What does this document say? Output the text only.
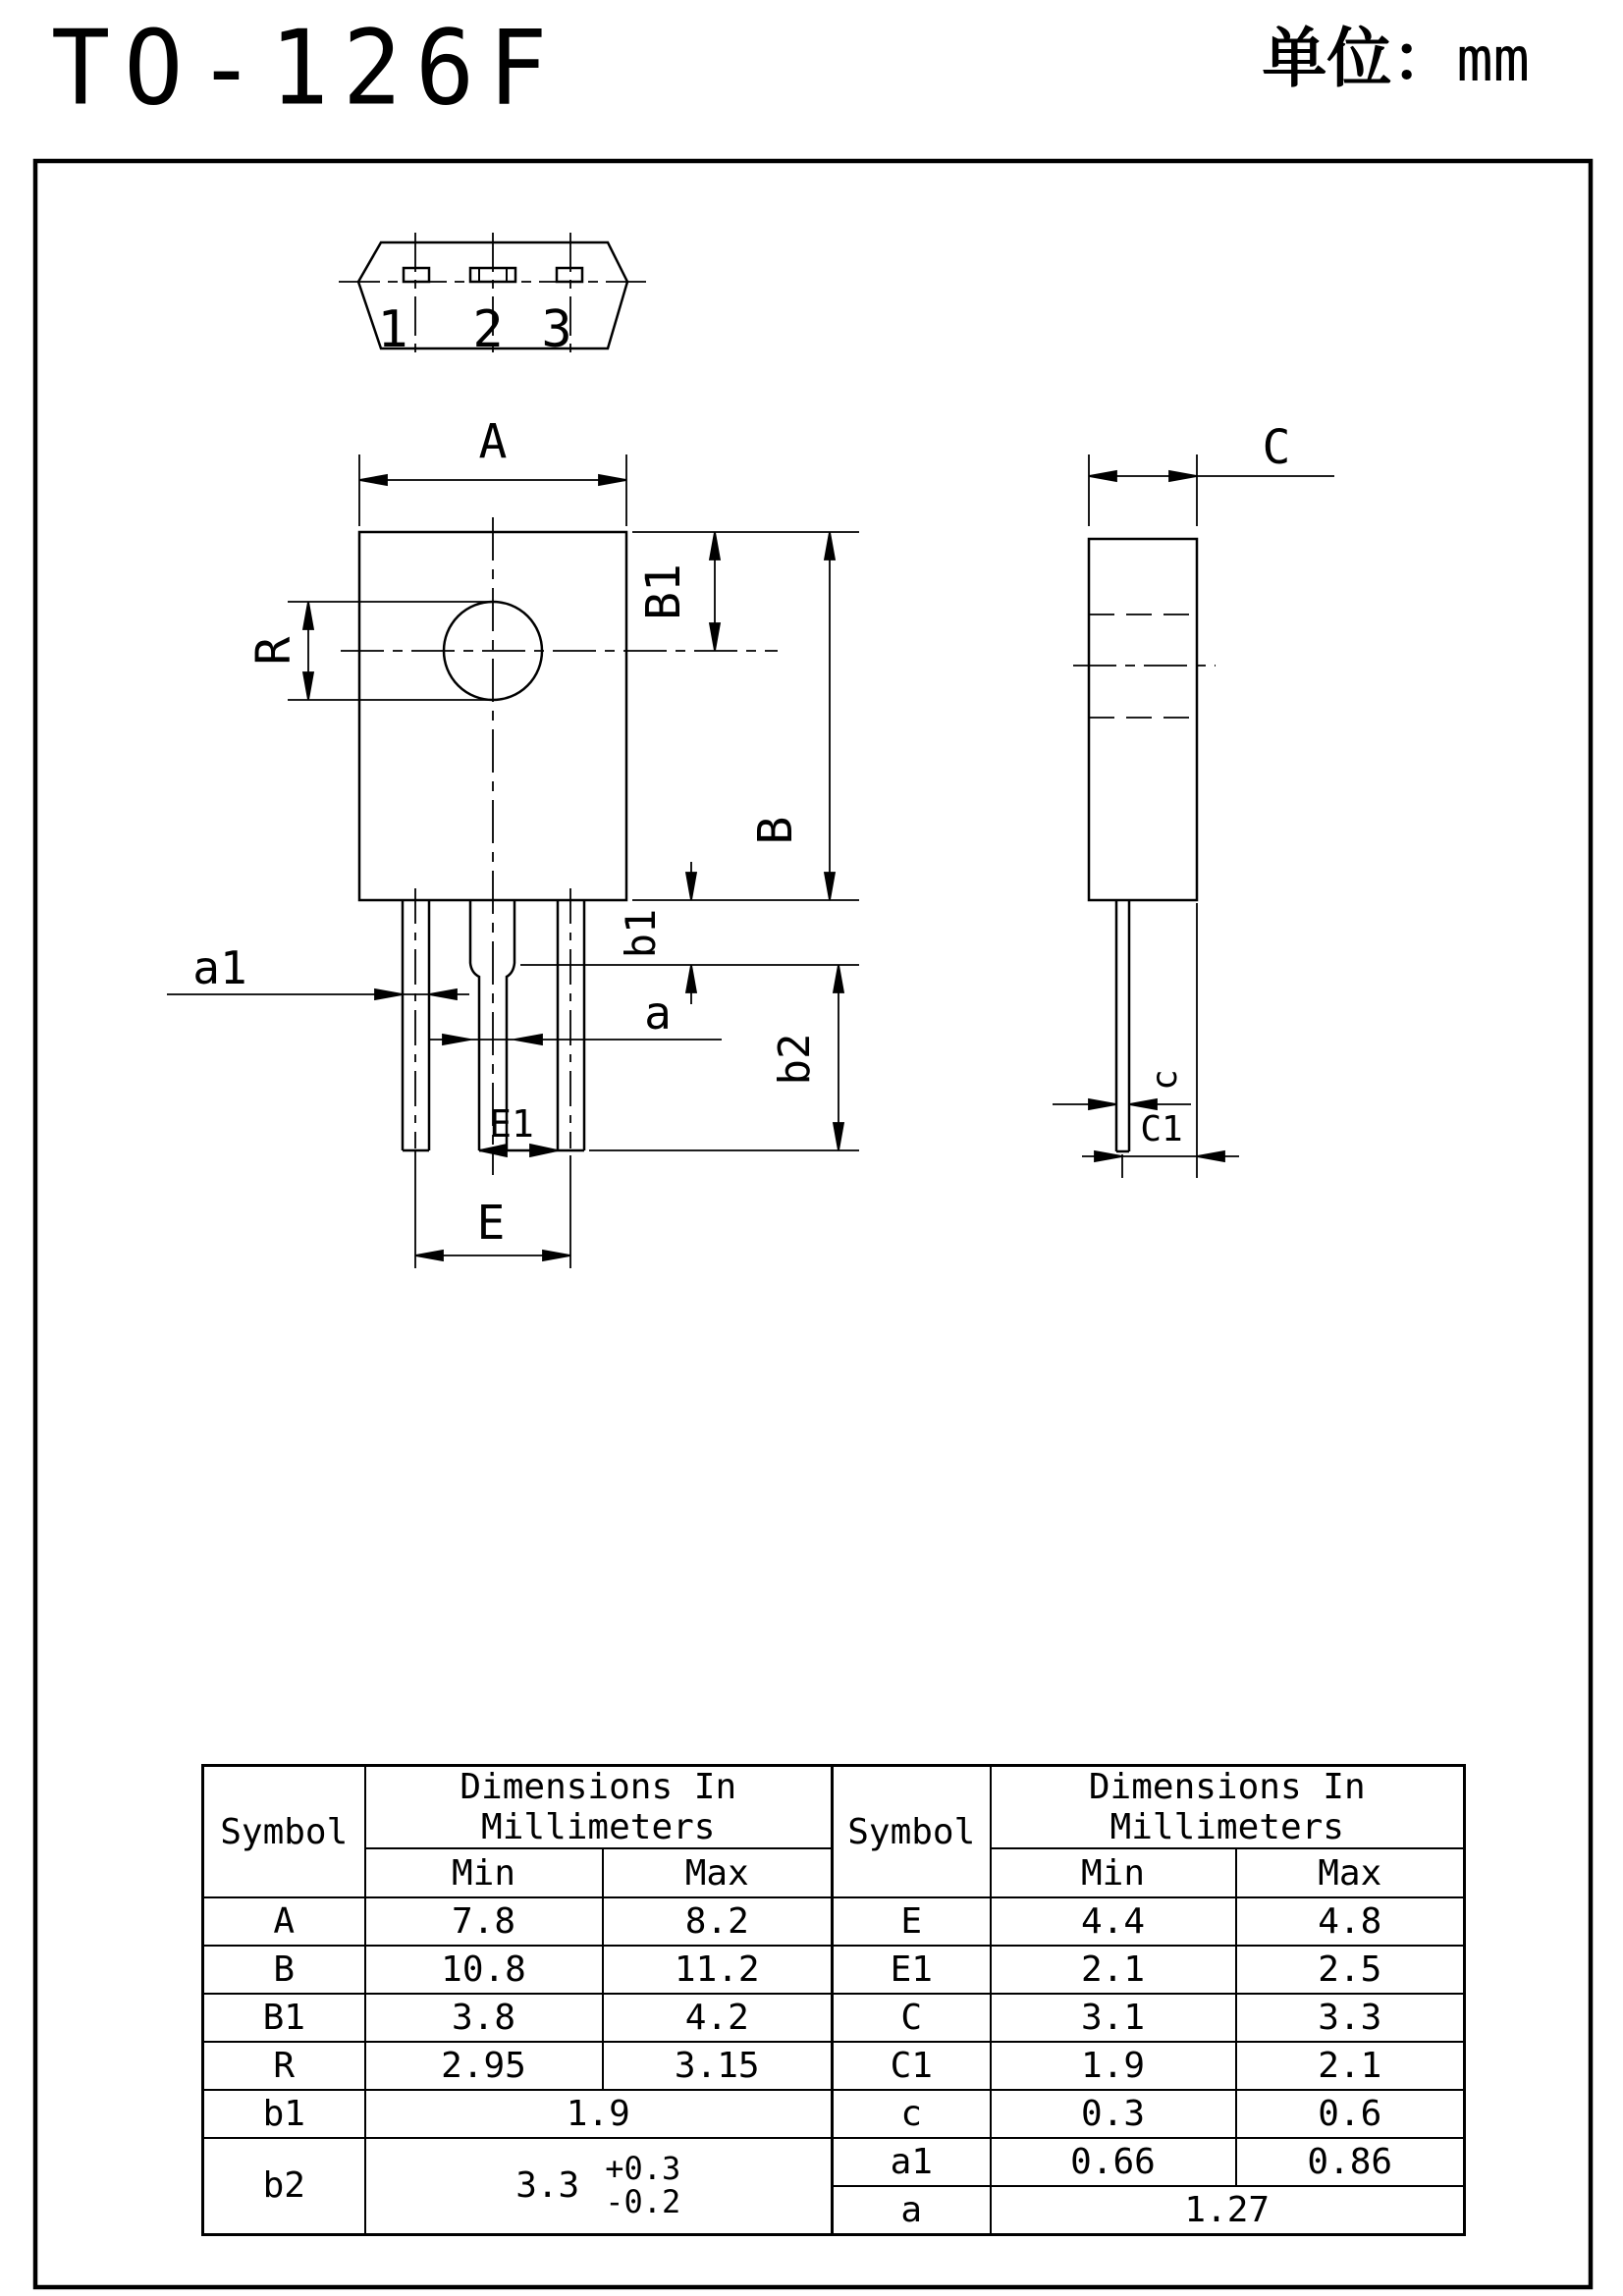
TO-126F	单位：mm
1 2 3
A
R
B1
B
b1
b2
a1
a
E1
E
C
c
C1
Symbol	Dimensions In Millimeters	
	Min	Max
A	7.8	8.2
B	10.8	11.2
B1	3.8	4.2
R	2.95	3.15
b1	1.9	
b2	3.3 +0.3
-0.2	
Symbol	Dimensions In Millimeters	
	Min	Max
E	4.4	4.8
E1	2.1	2.5
C	3.1	3.3
C1	1.9	2.1
c	0.3	0.6
a1	0.66	0.86
a	1.27	
